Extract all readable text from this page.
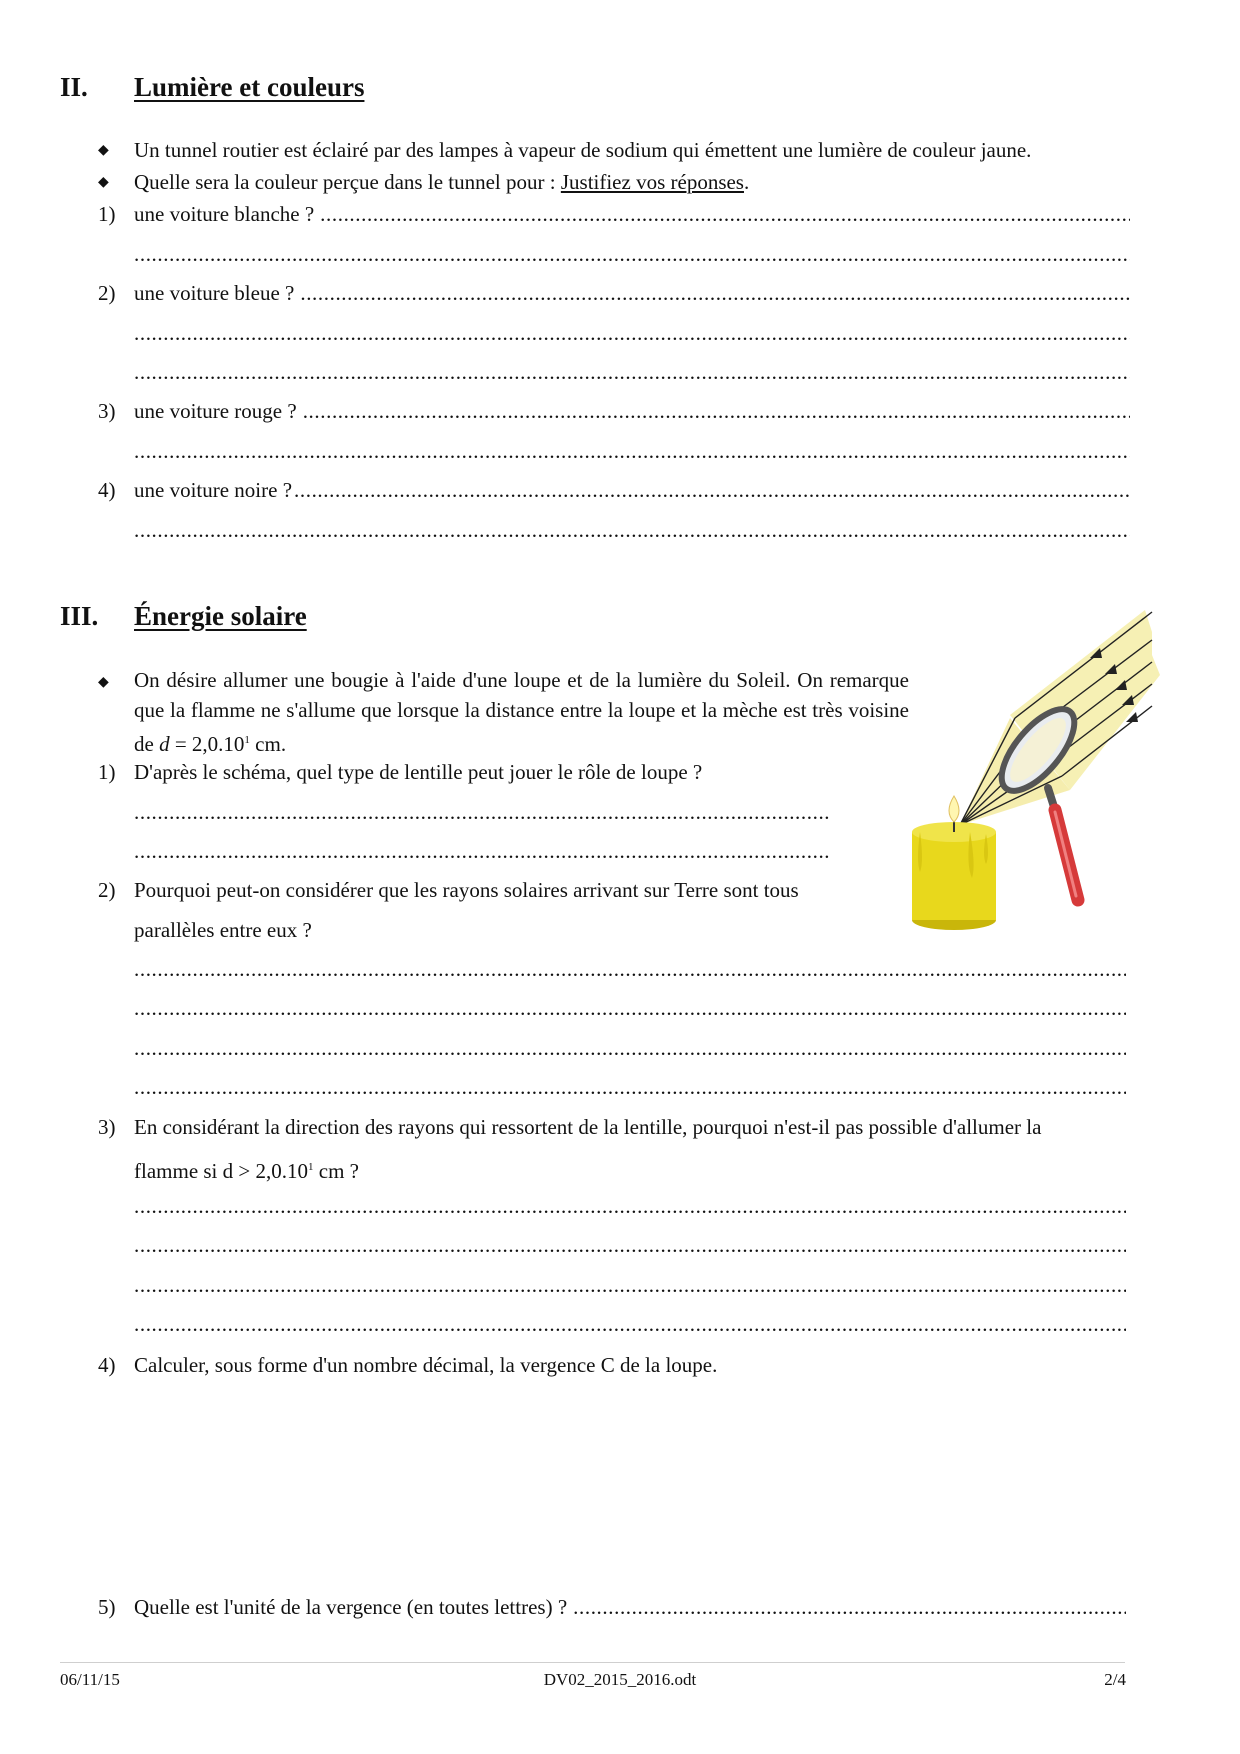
II. Lumière et couleurs
◆ Un tunnel routier est éclairé par des lampes à vapeur de sodium qui émettent une lumière de couleur jaune.
◆ Quelle sera la couleur perçue dans le tunnel pour : Justifiez vos réponses.
1) une voiture blanche ?
.....
.....
2) une voiture bleue ?
.....
.....
.....
3) une voiture rouge ?
.....
.....
4) une voiture noire ?
.....
.....
III. Énergie solaire
◆ On désire allumer une bougie à l'aide d'une loupe et de la lumière du Soleil. On remarque que la flamme ne s'allume que lorsque la distance entre la loupe et la mèche est très voisine de $d = 2,0.10^1$ cm.
1) D'après le schéma, quel type de lentille peut jouer le rôle de loupe ?
.....
.....
2) Pourquoi peut-on considérer que les rayons solaires arrivant sur Terre sont tous
parallèles entre eux ?
.....
.....
.....
.....
3) En considérant la direction des rayons qui ressortent de la lentille, pourquoi n'est-il pas possible d'allumer la
flamme si $d > 2,0.10^1$ cm ?
.....
.....
.....
.....
4) Calculer, sous forme d'un nombre décimal, la vergence C de la loupe.
5) Quelle est l'unité de la vergence (en toutes lettres) ?
.....
06/11/15	DV02_2015_2016.odt	2/4
